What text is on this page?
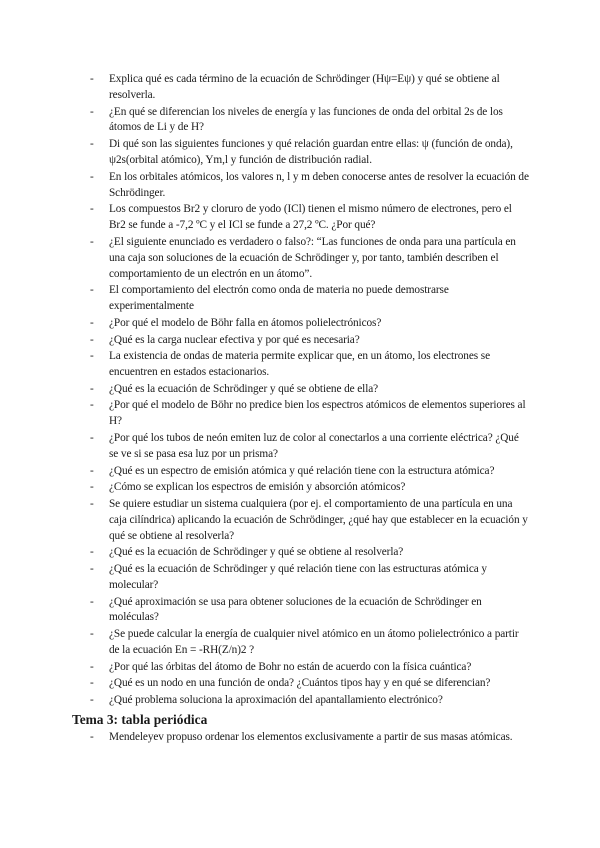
- Explica qué es cada término de la ecuación de Schrödinger (Hψ=Eψ) y qué se obtiene al resolverla.
- ¿En qué se diferencian los niveles de energía y las funciones de onda del orbital 2s de los átomos de Li y de H?
- Di qué son las siguientes funciones y qué relación guardan entre ellas: ψ (función de onda), ψ2s(orbital atómico), Ym,l y función de distribución radial.
- En los orbitales atómicos, los valores n, l y m deben conocerse antes de resolver la ecuación de Schrödinger.
- Los compuestos Br2 y cloruro de yodo (ICl) tienen el mismo número de electrones, pero el Br2 se funde a -7,2 ºC y el ICl se funde a 27,2 ºC. ¿Por qué?
- ¿El siguiente enunciado es verdadero o falso?: “Las funciones de onda para una partícula en una caja son soluciones de la ecuación de Schrödinger y, por tanto, también describen el comportamiento de un electrón en un átomo”.
- El comportamiento del electrón como onda de materia no puede demostrarse experimentalmente
- ¿Por qué el modelo de Böhr falla en átomos polielectrónicos?
- ¿Qué es la carga nuclear efectiva y por qué es necesaria?
- La existencia de ondas de materia permite explicar que, en un átomo, los electrones se encuentren en estados estacionarios.
- ¿Qué es la ecuación de Schrödinger y qué se obtiene de ella?
- ¿Por qué el modelo de Böhr no predice bien los espectros atómicos de elementos superiores al H?
- ¿Por qué los tubos de neón emiten luz de color al conectarlos a una corriente eléctrica? ¿Qué se ve si se pasa esa luz por un prisma?
- ¿Qué es un espectro de emisión atómica y qué relación tiene con la estructura atómica?
- ¿Cómo se explican los espectros de emisión y absorción atómicos?
- Se quiere estudiar un sistema cualquiera (por ej. el comportamiento de una partícula en una caja cilíndrica) aplicando la ecuación de Schrödinger, ¿qué hay que establecer en la ecuación y qué se obtiene al resolverla?
- ¿Qué es la ecuación de Schrödinger y qué se obtiene al resolverla?
- ¿Qué es la ecuación de Schrödinger y qué relación tiene con las estructuras atómica y molecular?
- ¿Qué aproximación se usa para obtener soluciones de la ecuación de Schrödinger en moléculas?
- ¿Se puede calcular la energía de cualquier nivel atómico en un átomo polielectrónico a partir de la ecuación En = -RH(Z/n)2 ?
- ¿Por qué las órbitas del átomo de Bohr no están de acuerdo con la física cuántica?
- ¿Qué es un nodo en una función de onda? ¿Cuántos tipos hay y en qué se diferencian?
- ¿Qué problema soluciona la aproximación del apantallamiento electrónico?
Tema 3: tabla periódica
- Mendeleyev propuso ordenar los elementos exclusivamente a partir de sus masas atómicas.
